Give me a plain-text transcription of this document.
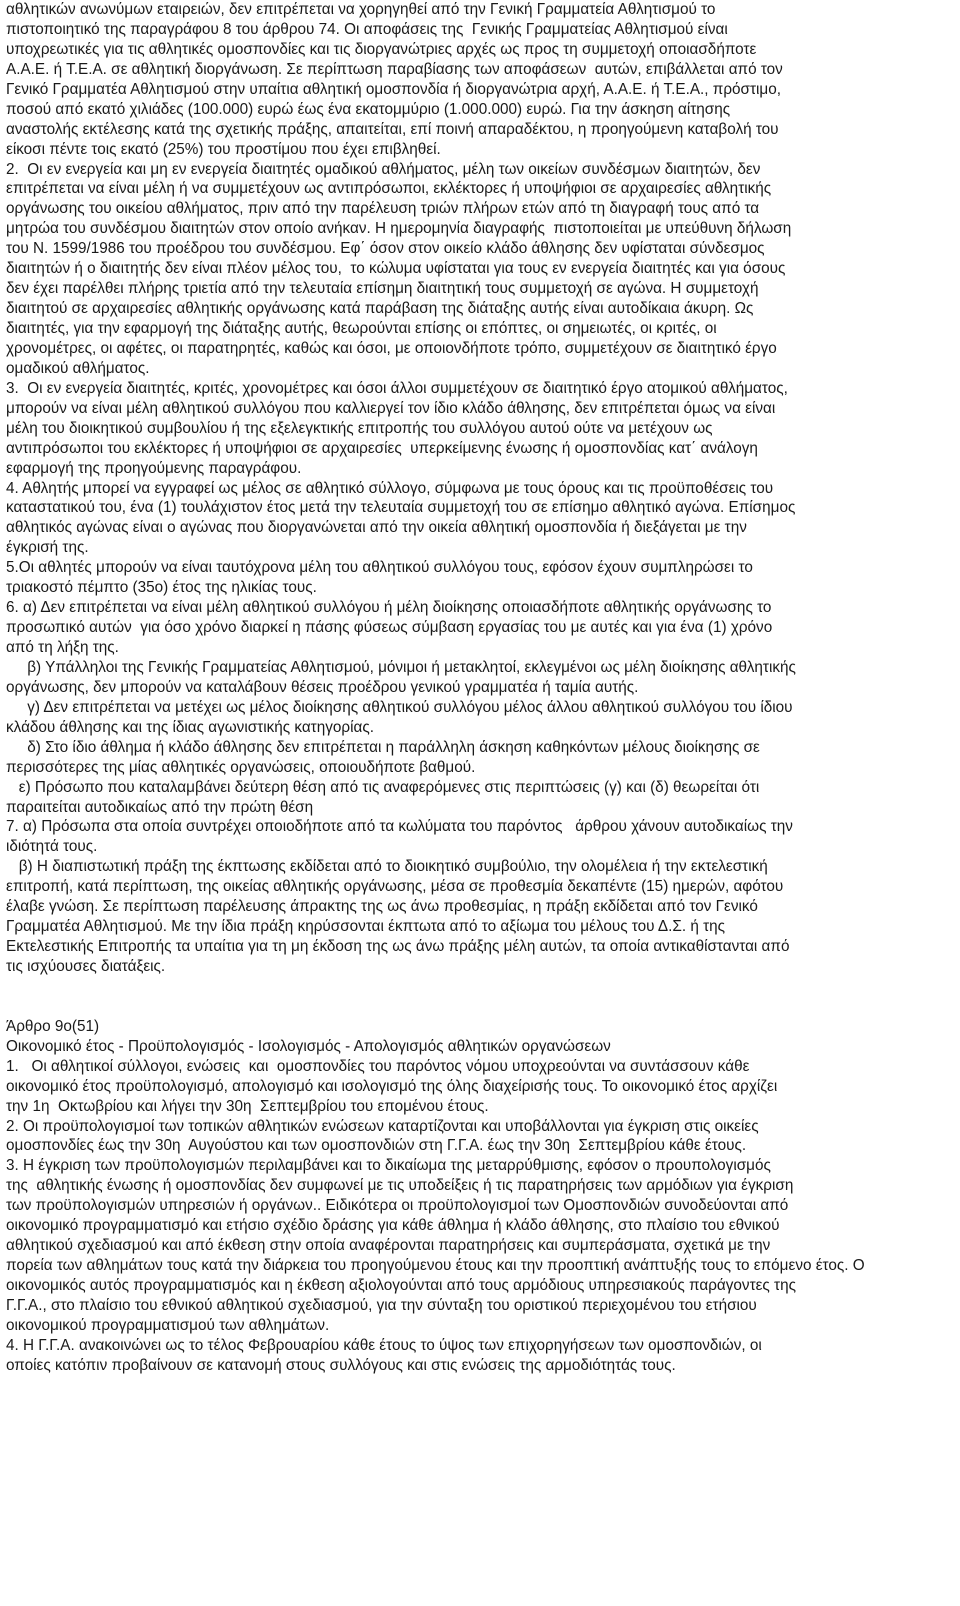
αθλητικών ανωνύμων εταιρειών, δεν επιτρέπεται να χορηγηθεί από την Γενική Γραμματεία Αθλητισμού το
πιστοποιητικό της παραγράφου 8 του άρθρου 74. Οι αποφάσεις της  Γενικής Γραμματείας Αθλητισμού είναι
υποχρεωτικές για τις αθλητικές ομοσπονδίες και τις διοργανώτριες αρχές ως προς τη συμμετοχή οποιασδήποτε
Α.Α.Ε. ή Τ.Ε.Α. σε αθλητική διοργάνωση. Σε περίπτωση παραβίασης των αποφάσεων  αυτών, επιβάλλεται από τον
Γενικό Γραμματέα Αθλητισμού στην υπαίτια αθλητική ομοσπονδία ή διοργανώτρια αρχή, Α.Α.Ε. ή Τ.Ε.Α., πρόστιμο,
ποσού από εκατό χιλιάδες (100.000) ευρώ έως ένα εκατομμύριο (1.000.000) ευρώ. Για την άσκηση αίτησης
αναστολής εκτέλεσης κατά της σχετικής πράξης, απαιτείται, επί ποινή απαραδέκτου, η προηγούμενη καταβολή του
είκοσι πέντε τοις εκατό (25%) του προστίμου που έχει επιβληθεί.
2.  Οι εν ενεργεία και μη εν ενεργεία διαιτητές ομαδικού αθλήματος, μέλη των οικείων συνδέσμων διαιτητών, δεν
επιτρέπεται να είναι μέλη ή να συμμετέχουν ως αντιπρόσωποι, εκλέκτορες ή υποψήφιοι σε αρχαιρεσίες αθλητικής
οργάνωσης του οικείου αθλήματος, πριν από την παρέλευση τριών πλήρων ετών από τη διαγραφή τους από τα
μητρώα του συνδέσμου διαιτητών στον οποίο ανήκαν. Η ημερομηνία διαγραφής  πιστοποιείται με υπεύθυνη δήλωση
του Ν. 1599/1986 του προέδρου του συνδέσμου. Εφ΄ όσον στον οικείο κλάδο άθλησης δεν υφίσταται σύνδεσμος
διαιτητών ή ο διαιτητής δεν είναι πλέον μέλος του,  το κώλυμα υφίσταται για τους εν ενεργεία διαιτητές και για όσους
δεν έχει παρέλθει πλήρης τριετία από την τελευταία επίσημη διαιτητική τους συμμετοχή σε αγώνα. Η συμμετοχή
διαιτητού σε αρχαιρεσίες αθλητικής οργάνωσης κατά παράβαση της διάταξης αυτής είναι αυτοδίκαια άκυρη. Ως
διαιτητές, για την εφαρμογή της διάταξης αυτής, θεωρούνται επίσης οι επόπτες, οι σημειωτές, οι κριτές, οι
χρονομέτρες, οι αφέτες, οι παρατηρητές, καθώς και όσοι, με οποιονδήποτε τρόπο, συμμετέχουν σε διαιτητικό έργο
ομαδικού αθλήματος.
3.  Οι εν ενεργεία διαιτητές, κριτές, χρονομέτρες και όσοι άλλοι συμμετέχουν σε διαιτητικό έργο ατομικού αθλήματος,
μπορούν να είναι μέλη αθλητικού συλλόγου που καλλιεργεί τον ίδιο κλάδο άθλησης, δεν επιτρέπεται όμως να είναι
μέλη του διοικητικού συμβουλίου ή της εξελεγκτικής επιτροπής του συλλόγου αυτού ούτε να μετέχουν ως
αντιπρόσωποι του εκλέκτορες ή υποψήφιοι σε αρχαιρεσίες  υπερκείμενης ένωσης ή ομοσπονδίας κατ΄ ανάλογη
εφαρμογή της προηγούμενης παραγράφου.
4. Αθλητής μπορεί να εγγραφεί ως μέλος σε αθλητικό σύλλογο, σύμφωνα με τους όρους και τις προϋποθέσεις του
καταστατικού του, ένα (1) τουλάχιστον έτος μετά την τελευταία συμμετοχή του σε επίσημο αθλητικό αγώνα. Επίσημος
αθλητικός αγώνας είναι ο αγώνας που διοργανώνεται από την οικεία αθλητική ομοσπονδία ή διεξάγεται με την
έγκρισή της.
5.Οι αθλητές μπορούν να είναι ταυτόχρονα μέλη του αθλητικού συλλόγου τους, εφόσον έχουν συμπληρώσει το
τριακοστό πέμπτο (35ο) έτος της ηλικίας τους.
6. α) Δεν επιτρέπεται να είναι μέλη αθλητικού συλλόγου ή μέλη διοίκησης οποιασδήποτε αθλητικής οργάνωσης το
προσωπικό αυτών  για όσο χρόνο διαρκεί η πάσης φύσεως σύμβαση εργασίας του με αυτές και για ένα (1) χρόνο
από τη λήξη της.
β) Υπάλληλοι της Γενικής Γραμματείας Αθλητισμού, μόνιμοι ή μετακλητοί, εκλεγμένοι ως μέλη διοίκησης αθλητικής
οργάνωσης, δεν μπορούν να καταλάβουν θέσεις προέδρου γενικού γραμματέα ή ταμία αυτής.
γ) Δεν επιτρέπεται να μετέχει ως μέλος διοίκησης αθλητικού συλλόγου μέλος άλλου αθλητικού συλλόγου του ίδιου
κλάδου άθλησης και της ίδιας αγωνιστικής κατηγορίας.
δ) Στο ίδιο άθλημα ή κλάδο άθλησης δεν επιτρέπεται η παράλληλη άσκηση καθηκόντων μέλους διοίκησης σε
περισσότερες της μίας αθλητικές οργανώσεις, οποιουδήποτε βαθμού.
ε) Πρόσωπο που καταλαμβάνει δεύτερη θέση από τις αναφερόμενες στις περιπτώσεις (γ) και (δ) θεωρείται ότι
παραιτείται αυτοδικαίως από την πρώτη θέση
7. α) Πρόσωπα στα οποία συντρέχει οποιοδήποτε από τα κωλύματα του παρόντος   άρθρου χάνουν αυτοδικαίως την
ιδιότητά τους.
β) Η διαπιστωτική πράξη της έκπτωσης εκδίδεται από το διοικητικό συμβούλιο, την ολομέλεια ή την εκτελεστική
επιτροπή, κατά περίπτωση, της οικείας αθλητικής οργάνωσης, μέσα σε προθεσμία δεκαπέντε (15) ημερών, αφότου
έλαβε γνώση. Σε περίπτωση παρέλευσης άπρακτης της ως άνω προθεσμίας, η πράξη εκδίδεται από τον Γενικό
Γραμματέα Αθλητισμού. Με την ίδια πράξη κηρύσσονται έκπτωτα από το αξίωμα του μέλους του Δ.Σ. ή της
Εκτελεστικής Επιτροπής τα υπαίτια για τη μη έκδοση της ως άνω πράξης μέλη αυτών, τα οποία αντικαθίστανται από
τις ισχύουσες διατάξεις.
Άρθρο 9ο(51)
Οικονομικό έτος - Προϋπολογισμός - Ισολογισμός - Απολογισμός αθλητικών οργανώσεων
1.   Οι αθλητικοί σύλλογοι, ενώσεις  και  ομοσπονδίες του παρόντος νόμου υποχρεούνται να συντάσσουν κάθε
οικονομικό έτος προϋπολογισμό, απολογισμό και ισολογισμό της όλης διαχείρισής τους. Το οικονομικό έτος αρχίζει
την 1η  Οκτωβρίου και λήγει την 30η  Σεπτεμβρίου του επομένου έτους.
2. Οι προϋπολογισμοί των τοπικών αθλητικών ενώσεων καταρτίζονται και υποβάλλονται για έγκριση στις οικείες
ομοσπονδίες έως την 30η  Αυγούστου και των ομοσπονδιών στη Γ.Γ.Α. έως την 30η  Σεπτεμβρίου κάθε έτους.
3. Η έγκριση των προϋπολογισμών περιλαμβάνει και το δικαίωμα της μεταρρύθμισης, εφόσον ο προυπολογισμός
της  αθλητικής ένωσης ή ομοσπονδίας δεν συμφωνεί με τις υποδείξεις ή τις παρατηρήσεις των αρμόδιων για έγκριση
των προϋπολογισμών υπηρεσιών ή οργάνων.. Ειδικότερα οι προϋπολογισμοί των Ομοσπονδιών συνοδεύονται από
οικονομικό προγραμματισμό και ετήσιο σχέδιο δράσης για κάθε άθλημα ή κλάδο άθλησης, στο πλαίσιο του εθνικού
αθλητικού σχεδιασμού και από έκθεση στην οποία αναφέρονται παρατηρήσεις και συμπεράσματα, σχετικά με την
πορεία των αθλημάτων τους κατά την διάρκεια του προηγούμενου έτους και την προοπτική ανάπτυξής τους το επόμενο έτος. Ο
οικονομικός αυτός προγραμματισμός και η έκθεση αξιολογούνται από τους αρμόδιους υπηρεσιακούς παράγοντες της
Γ.Γ.Α., στο πλαίσιο του εθνικού αθλητικού σχεδιασμού, για την σύνταξη του οριστικού περιεχομένου του ετήσιου
οικονομικού προγραμματισμού των αθλημάτων.
4. Η Γ.Γ.Α. ανακοινώνει ως το τέλος Φεβρουαρίου κάθε έτους το ύψος των επιχορηγήσεων των ομοσπονδιών, οι
οποίες κατόπιν προβαίνουν σε κατανομή στους συλλόγους και στις ενώσεις της αρμοδιότητάς τους.
